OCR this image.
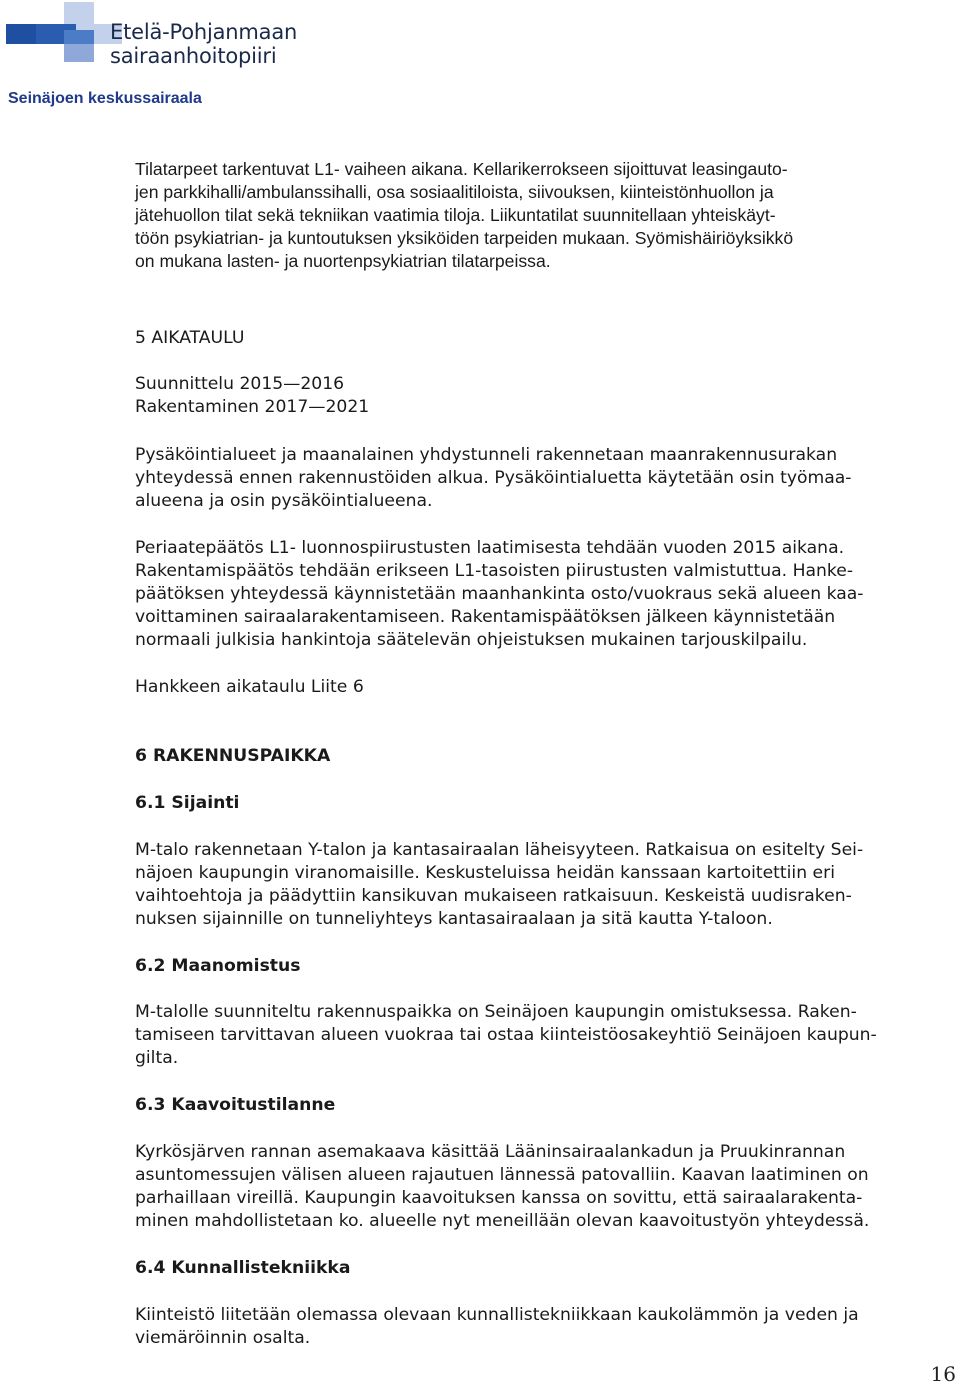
Etelä-Pohjanmaan
sairaanhoitopiiri
Seinäjoen keskussairaala
Tilatarpeet tarkentuvat L1- vaiheen aikana. Kellarikerrokseen sijoittuvat leasingauto-
jen parkkihalli/ambulanssihalli, osa sosiaalitiloista, siivouksen, kiinteistönhuollon ja
jätehuollon tilat sekä tekniikan vaatimia tiloja. Liikuntatilat suunnitellaan yhteiskäyt-
töön psykiatrian- ja kuntoutuksen yksiköiden tarpeiden mukaan. Syömishäiriöyksikkö
on mukana lasten- ja nuortenpsykiatrian tilatarpeissa.
5 AIKATAULU
Suunnittelu 2015—2016
Rakentaminen 2017—2021
Pysäköintialueet ja maanalainen yhdystunneli rakennetaan maanrakennusurakan
yhteydessä ennen rakennustöiden alkua. Pysäköintialuetta käytetään osin työmaa-
alueena ja osin pysäköintialueena.
Periaatepäätös L1- luonnospiirustusten laatimisesta tehdään vuoden 2015 aikana.
Rakentamispäätös tehdään erikseen L1-tasoisten piirustusten valmistuttua. Hanke-
päätöksen yhteydessä käynnistetään maanhankinta osto/vuokraus sekä alueen kaa-
voittaminen sairaalarakentamiseen. Rakentamispäätöksen jälkeen käynnistetään
normaali julkisia hankintoja säätelevän ohjeistuksen mukainen tarjouskilpailu.
Hankkeen aikataulu Liite 6
6 RAKENNUSPAIKKA
6.1 Sijainti
M-talo rakennetaan Y-talon ja kantasairaalan läheisyyteen. Ratkaisua on esitelty Sei-
näjoen kaupungin viranomaisille. Keskusteluissa heidän kanssaan kartoitettiin eri
vaihtoehtoja ja päädyttiin kansikuvan mukaiseen ratkaisuun. Keskeistä uudisraken-
nuksen sijainnille on tunneliyhteys kantasairaalaan ja sitä kautta Y-taloon.
6.2 Maanomistus
M-talolle suunniteltu rakennuspaikka on Seinäjoen kaupungin omistuksessa. Raken-
tamiseen tarvittavan alueen vuokraa tai ostaa kiinteistöosakeyhtiö Seinäjoen kaupun-
gilta.
6.3 Kaavoitustilanne
Kyrkösjärven rannan asemakaava käsittää Lääninsairaalankadun ja Pruukinrannan
asuntomessujen välisen alueen rajautuen lännessä patovalliin. Kaavan laatiminen on
parhaillaan vireillä. Kaupungin kaavoituksen kanssa on sovittu, että sairaalarakenta-
minen mahdollistetaan ko. alueelle nyt meneillään olevan kaavoitustyön yhteydessä.
6.4 Kunnallistekniikka
Kiinteistö liitetään olemassa olevaan kunnallistekniikkaan kaukolämmön ja veden ja
viemäröinnin osalta.
16
